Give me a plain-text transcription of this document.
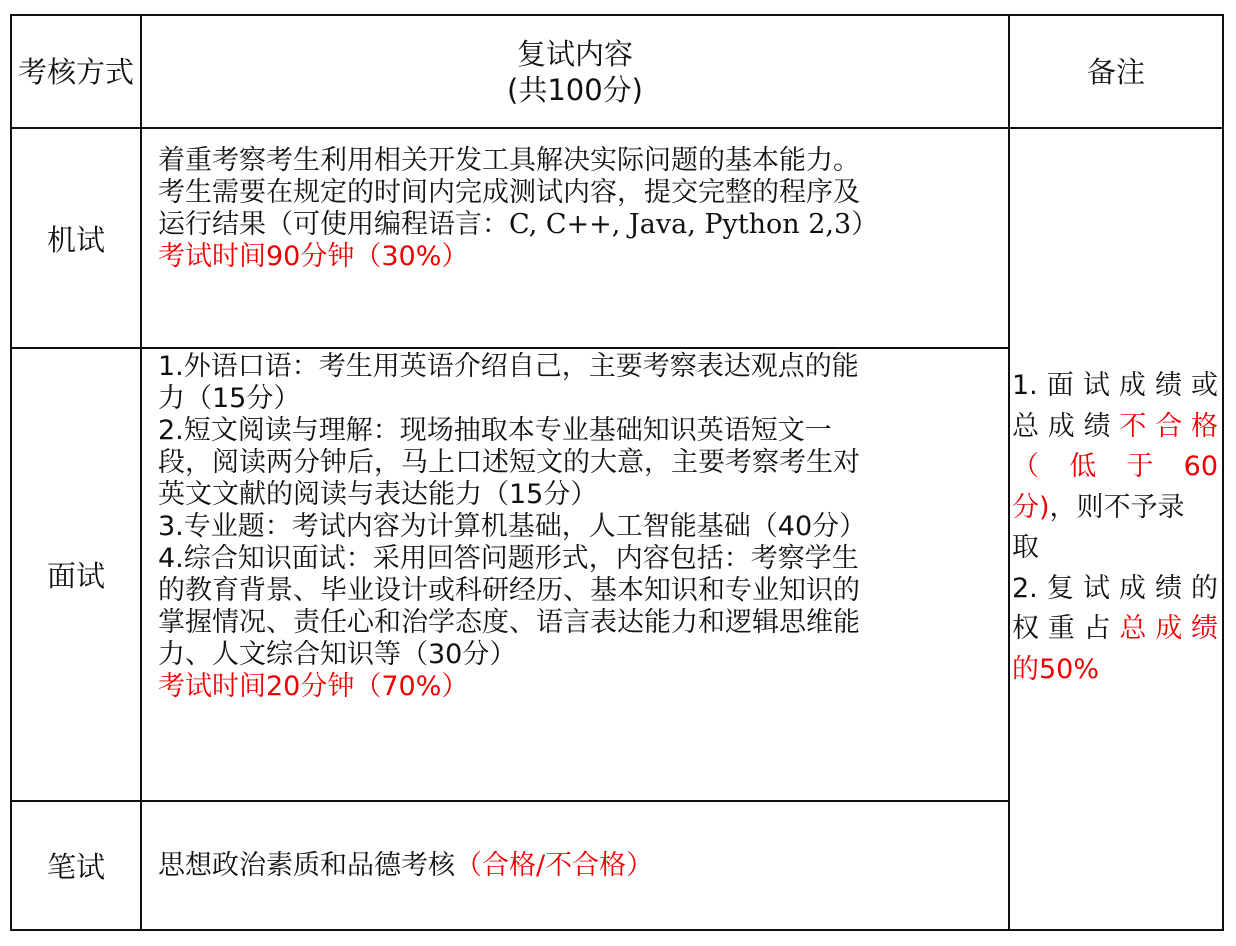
考核方式
复试内容
(共100分)
备注
机试
着重考察考生利用相关开发工具解决实际问题的基本能力。
考生需要在规定的时间内完成测试内容，提交完整的程序及
运行结果（可使用编程语言：C, C++, Java, Python 2,3）
考试时间90分钟（30%）
面试
1.外语口语：考生用英语介绍自己，主要考察表达观点的能
力（15分）
2.短文阅读与理解：现场抽取本专业基础知识英语短文一
段，阅读两分钟后，马上口述短文的大意，主要考察考生对
英文文献的阅读与表达能力（15分）
3.专业题：考试内容为计算机基础，人工智能基础（40分）
4.综合知识面试：采用回答问题形式，内容包括：考察学生
的教育背景、毕业设计或科研经历、基本知识和专业知识的
掌握情况、责任心和治学态度、语言表达能力和逻辑思维能
力、人文综合知识等（30分）
考试时间20分钟（70%）
笔试 思想政治素质和品德考核（合格/不合格）
1.面试成绩或
总成绩不合格
（低于60
分)，则不予录
取
2.复试成绩的
权重占总成绩
的50%
